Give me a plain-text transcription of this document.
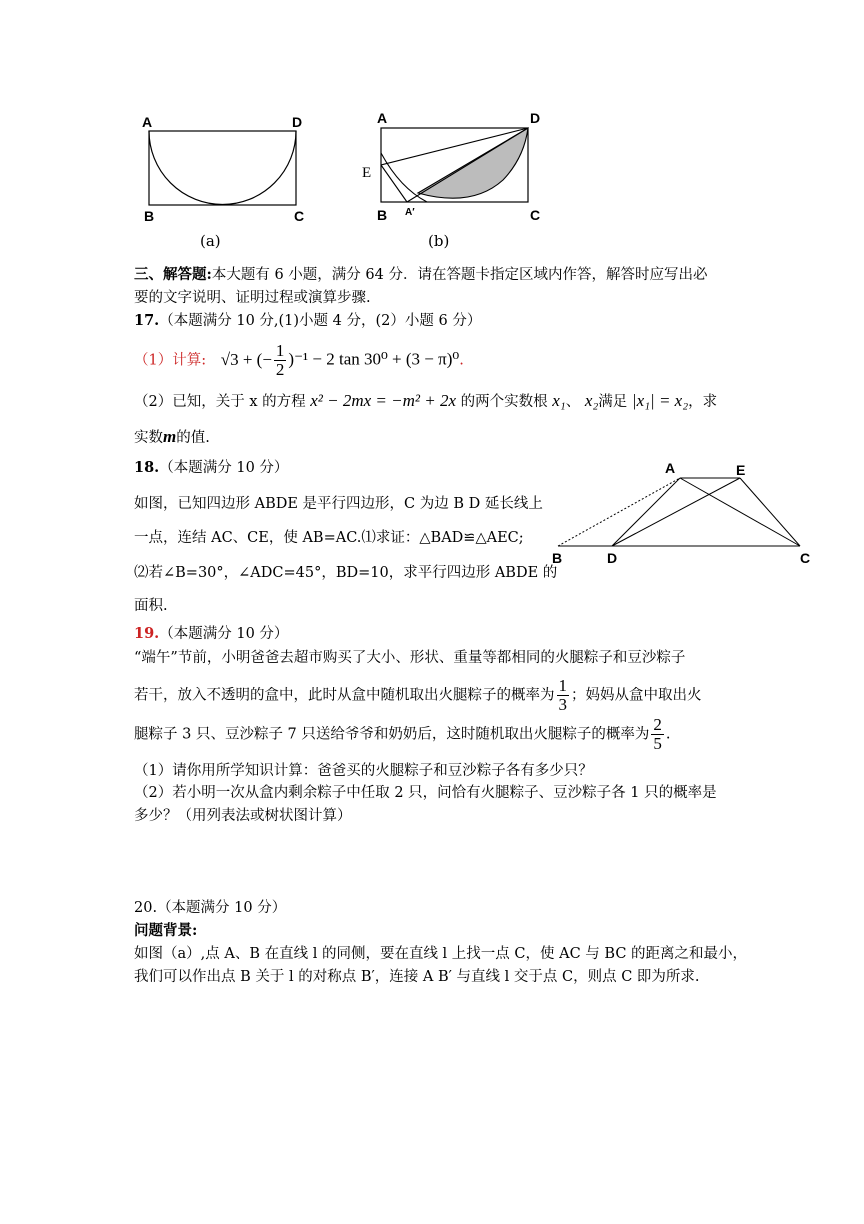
A	D
B	C
(a)
A	D
E
B A′	C
(b)
三、解答题:本大题有 6 小题，满分 64 分．请在答题卡指定区域内作答，解答时应写出必
要的文字说明、证明过程或演算步骤.
17.（本题满分 10 分,(1)小题 4 分，(2）小题 6 分）
（1）计算: √3 + (− $\frac{1}{2} )^{-1} - 2$ tan 30⁰ + (3 − π)⁰.
（2）已知，关于 x 的方程 x² − 2mx = −m² + 2x 的两个实数根 x₁、 x₂满足 |x₁| = x₂，求
实数m的值.
18.（本题满分 10 分）
如图，已知四边形 ABDE 是平行四边形，C 为边 B D 延长线上
一点，连结 AC、CE，使 AB=AC.⑴求证：△BAD≌△AEC;
⑵若∠B=30°，∠ADC=45°，BD=10，求平行四边形 ABDE 的
面积.
A	E
B	D	C
19.（本题满分 10 分）
“端午”节前，小明爸爸去超市购买了大小、形状、重量等都相同的火腿粽子和豆沙粽子
若干，放入不透明的盒中，此时从盒中随机取出火腿粽子的概率为 $\frac{1}{3}$ ；妈妈从盒中取出火
腿粽子 3 只、豆沙粽子 7 只送给爷爷和奶奶后，这时随机取出火腿粽子的概率为 $\frac{2}{5}$ .
（1）请你用所学知识计算：爸爸买的火腿粽子和豆沙粽子各有多少只？
（2）若小明一次从盒内剩余粽子中任取 2 只，问恰有火腿粽子、豆沙粽子各 1 只的概率是
多少？（用列表法或树状图计算）
20.（本题满分 10 分）
问题背景:
如图（a）,点 A、B 在直线 l 的同侧，要在直线 l 上找一点 C，使 AC 与 BC 的距离之和最小，
我们可以作出点 B 关于 l 的对称点 B′，连接 A B′ 与直线 l 交于点 C，则点 C 即为所求.
